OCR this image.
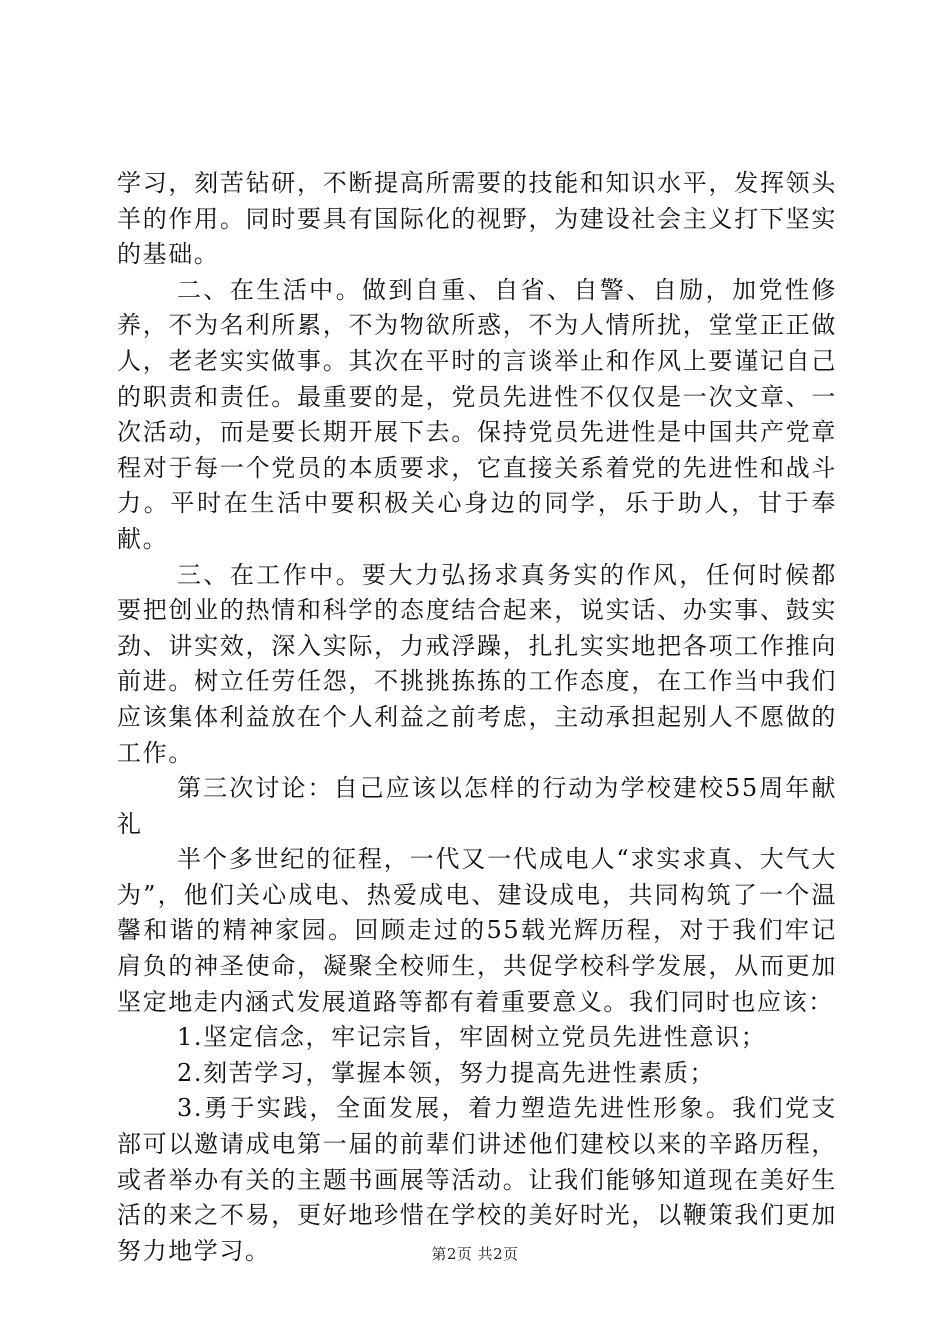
学习，刻苦钻研，不断提高所需要的技能和知识水平，发挥领头羊的作用。同时要具有国际化的视野，为建设社会主义打下坚实的基础。

二、在生活中。做到自重、自省、自警、自励，加党性修养，不为名利所累，不为物欲所惑，不为人情所扰，堂堂正正做人，老老实实做事。其次在平时的言谈举止和作风上要谨记自己的职责和责任。最重要的是，党员先进性不仅仅是一次文章、一次活动，而是要长期开展下去。保持党员先进性是中国共产党章程对于每一个党员的本质要求，它直接关系着党的先进性和战斗力。平时在生活中要积极关心身边的同学，乐于助人，甘于奉献。

三、在工作中。要大力弘扬求真务实的作风，任何时候都要把创业的热情和科学的态度结合起来，说实话、办实事、鼓实劲、讲实效，深入实际，力戒浮躁，扎扎实实地把各项工作推向前进。树立任劳任怨，不挑挑拣拣的工作态度，在工作当中我们应该集体利益放在个人利益之前考虑，主动承担起别人不愿做的工作。

第三次讨论：自己应该以怎样的行动为学校建校55周年献礼

半个多世纪的征程，一代又一代成电人“求实求真、大气大为”，他们关心成电、热爱成电、建设成电，共同构筑了一个温馨和谐的精神家园。回顾走过的55载光辉历程，对于我们牢记肩负的神圣使命，凝聚全校师生，共促学校科学发展，从而更加坚定地走内涵式发展道路等都有着重要意义。我们同时也应该：

1.坚定信念，牢记宗旨，牢固树立党员先进性意识；

2.刻苦学习，掌握本领，努力提高先进性素质；

3.勇于实践，全面发展，着力塑造先进性形象。我们党支部可以邀请成电第一届的前辈们讲述他们建校以来的辛路历程，或者举办有关的主题书画展等活动。让我们能够知道现在美好生活的来之不易，更好地珍惜在学校的美好时光，以鞭策我们更加努力地学习。	第2页 共2页
